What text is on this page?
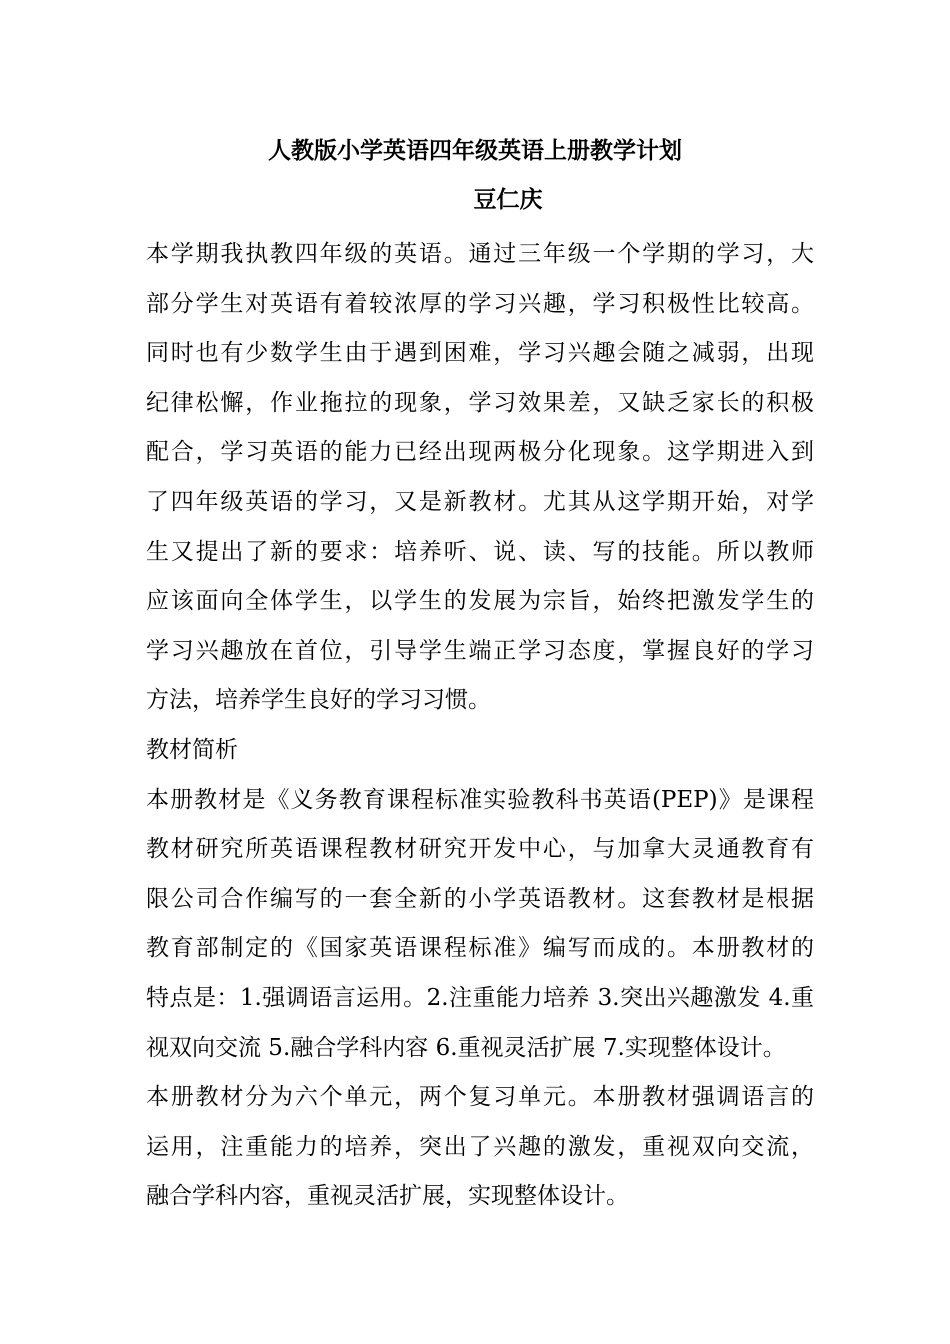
人教版小学英语四年级英语上册教学计划
豆仁庆
本学期我执教四年级的英语。通过三年级一个学期的学习，大
部分学生对英语有着较浓厚的学习兴趣，学习积极性比较高。
同时也有少数学生由于遇到困难，学习兴趣会随之减弱，出现
纪律松懈，作业拖拉的现象，学习效果差，又缺乏家长的积极
配合，学习英语的能力已经出现两极分化现象。这学期进入到
了四年级英语的学习，又是新教材。尤其从这学期开始，对学
生又提出了新的要求：培养听、说、读、写的技能。所以教师
应该面向全体学生，以学生的发展为宗旨，始终把激发学生的
学习兴趣放在首位，引导学生端正学习态度，掌握良好的学习
方法，培养学生良好的学习习惯。
教材简析
本册教材是《义务教育课程标准实验教科书英语(PEP)》是课程
教材研究所英语课程教材研究开发中心，与加拿大灵通教育有
限公司合作编写的一套全新的小学英语教材。这套教材是根据
教育部制定的《国家英语课程标准》编写而成的。本册教材的
特点是：1.强调语言运用。2.注重能力培养 3.突出兴趣激发 4.重
视双向交流 5.融合学科内容 6.重视灵活扩展 7.实现整体设计。
本册教材分为六个单元，两个复习单元。本册教材强调语言的
运用，注重能力的培养，突出了兴趣的激发，重视双向交流，
融合学科内容，重视灵活扩展，实现整体设计。
